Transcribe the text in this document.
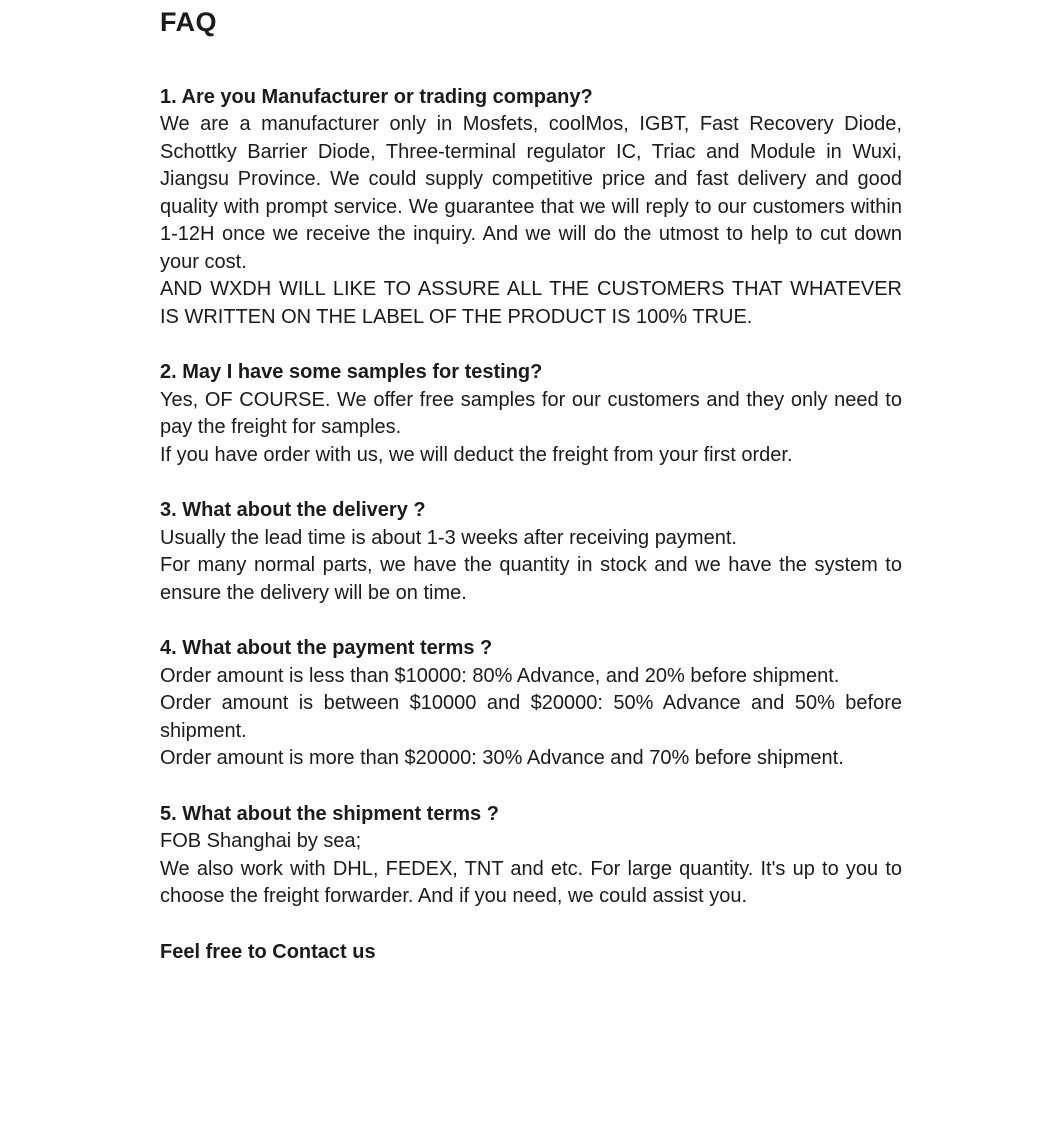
FAQ
1. Are you Manufacturer or trading company?

We are a manufacturer only in Mosfets, coolMos, IGBT, Fast Recovery Diode, Schottky Barrier Diode, Three-terminal regulator IC, Triac and Module in Wuxi, Jiangsu Province. We could supply competitive price and fast delivery and good quality with prompt service. We guarantee that we will reply to our customers within 1-12H once we receive the inquiry. And we will do the utmost to help to cut down your cost.

AND WXDH WILL LIKE TO ASSURE ALL THE CUSTOMERS THAT WHATEVER IS WRITTEN ON THE LABEL OF THE PRODUCT IS 100% TRUE.

2. May I have some samples for testing?

Yes, OF COURSE. We offer free samples for our customers and they only need to pay the freight for samples.

If you have order with us, we will deduct the freight from your first order.

3. What about the delivery ?

Usually the lead time is about 1-3 weeks after receiving payment.

For many normal parts, we have the quantity in stock and we have the system to ensure the delivery will be on time.

4. What about the payment terms ?

Order amount is less than $10000: 80% Advance, and 20% before shipment.

Order amount is between $10000 and $20000: 50% Advance and 50% before shipment.

Order amount is more than $20000: 30% Advance and 70% before shipment.

5. What about the shipment terms ?

FOB Shanghai by sea;

We also work with DHL, FEDEX, TNT and etc. For large quantity. It's up to you to choose the freight forwarder. And if you need, we could assist you.

Feel free to Contact us
